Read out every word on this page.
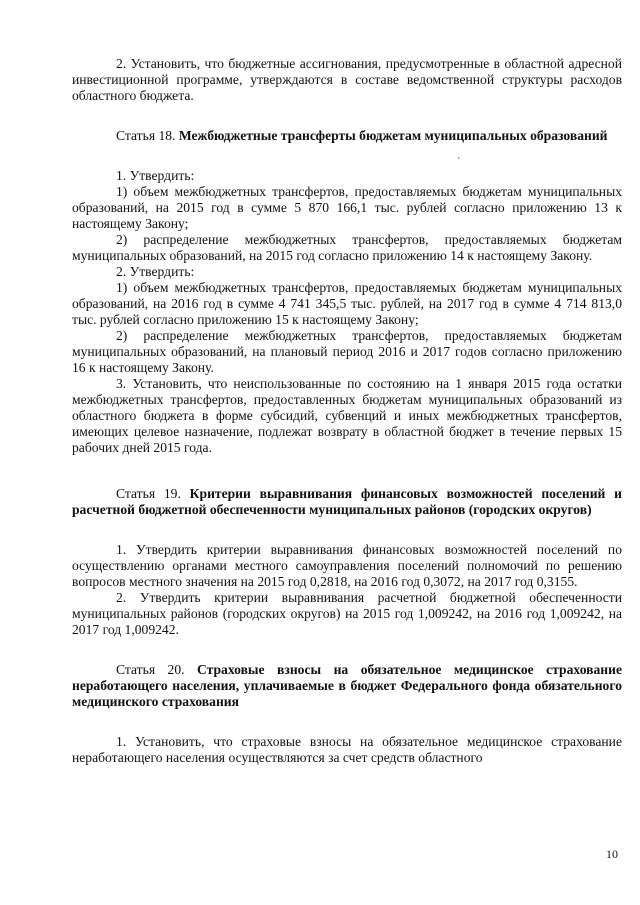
2. Установить, что бюджетные ассигнования, предусмотренные в областной адресной инвестиционной программе, утверждаются в составе ведомственной структуры расходов областного бюджета.

Статья 18. Межбюджетные трансферты бюджетам муниципальных образований

1. Утвердить:

1) объем межбюджетных трансфертов, предоставляемых бюджетам муниципальных образований, на 2015 год в сумме 5 870 166,1 тыс. рублей согласно приложению 13 к настоящему Закону;

2) распределение межбюджетных трансфертов, предоставляемых бюджетам муниципальных образований, на 2015 год согласно приложению 14 к настоящему Закону.

2. Утвердить:

1) объем межбюджетных трансфертов, предоставляемых бюджетам муниципальных образований, на 2016 год в сумме 4 741 345,5 тыс. рублей, на 2017 год в сумме 4 714 813,0 тыс. рублей согласно приложению 15 к настоящему Закону;

2) распределение межбюджетных трансфертов, предоставляемых бюджетам муниципальных образований, на плановый период 2016 и 2017 годов согласно приложению 16 к настоящему Закону.

3. Установить, что неиспользованные по состоянию на 1 января 2015 года остатки межбюджетных трансфертов, предоставленных бюджетам муниципальных образований из областного бюджета в форме субсидий, субвенций и иных межбюджетных трансфертов, имеющих целевое назначение, подлежат возврату в областной бюджет в течение первых 15 рабочих дней 2015 года.

Статья 19. Критерии выравнивания финансовых возможностей поселений и расчетной бюджетной обеспеченности муниципальных районов (городских округов)

1. Утвердить критерии выравнивания финансовых возможностей поселений по осуществлению органами местного самоуправления поселений полномочий по решению вопросов местного значения на 2015 год 0,2818, на 2016 год 0,3072, на 2017 год 0,3155.

2. Утвердить критерии выравнивания расчетной бюджетной обеспеченности муниципальных районов (городских округов) на 2015 год 1,009242, на 2016 год 1,009242, на 2017 год 1,009242.

Статья 20. Страховые взносы на обязательное медицинское страхование неработающего населения, уплачиваемые в бюджет Федерального фонда обязательного медицинского страхования

1. Установить, что страховые взносы на обязательное медицинское страхование неработающего населения осуществляются за счет средств областного

'
10
